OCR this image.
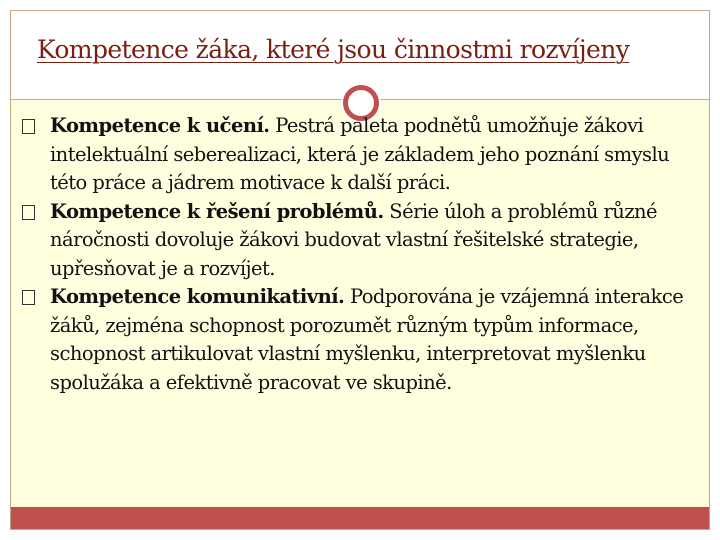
Kompetence žáka, které jsou činnostmi rozvíjeny
Kompetence k učení. Pestrá paleta podnětů umožňuje žákovi intelektuální seberealizaci, která je základem jeho poznání smyslu této práce a jádrem motivace k další práci.
Kompetence k řešení problémů. Série úloh a problémů různé náročnosti dovoluje žákovi budovat vlastní řešitelské strategie, upřesňovat je a rozvíjet.
Kompetence komunikativní. Podporována je vzájemná interakce žáků, zejména schopnost porozumět různým typům informace, schopnost artikulovat vlastní myšlenku, interpretovat myšlenku spolužáka a efektivně pracovat ve skupině.
